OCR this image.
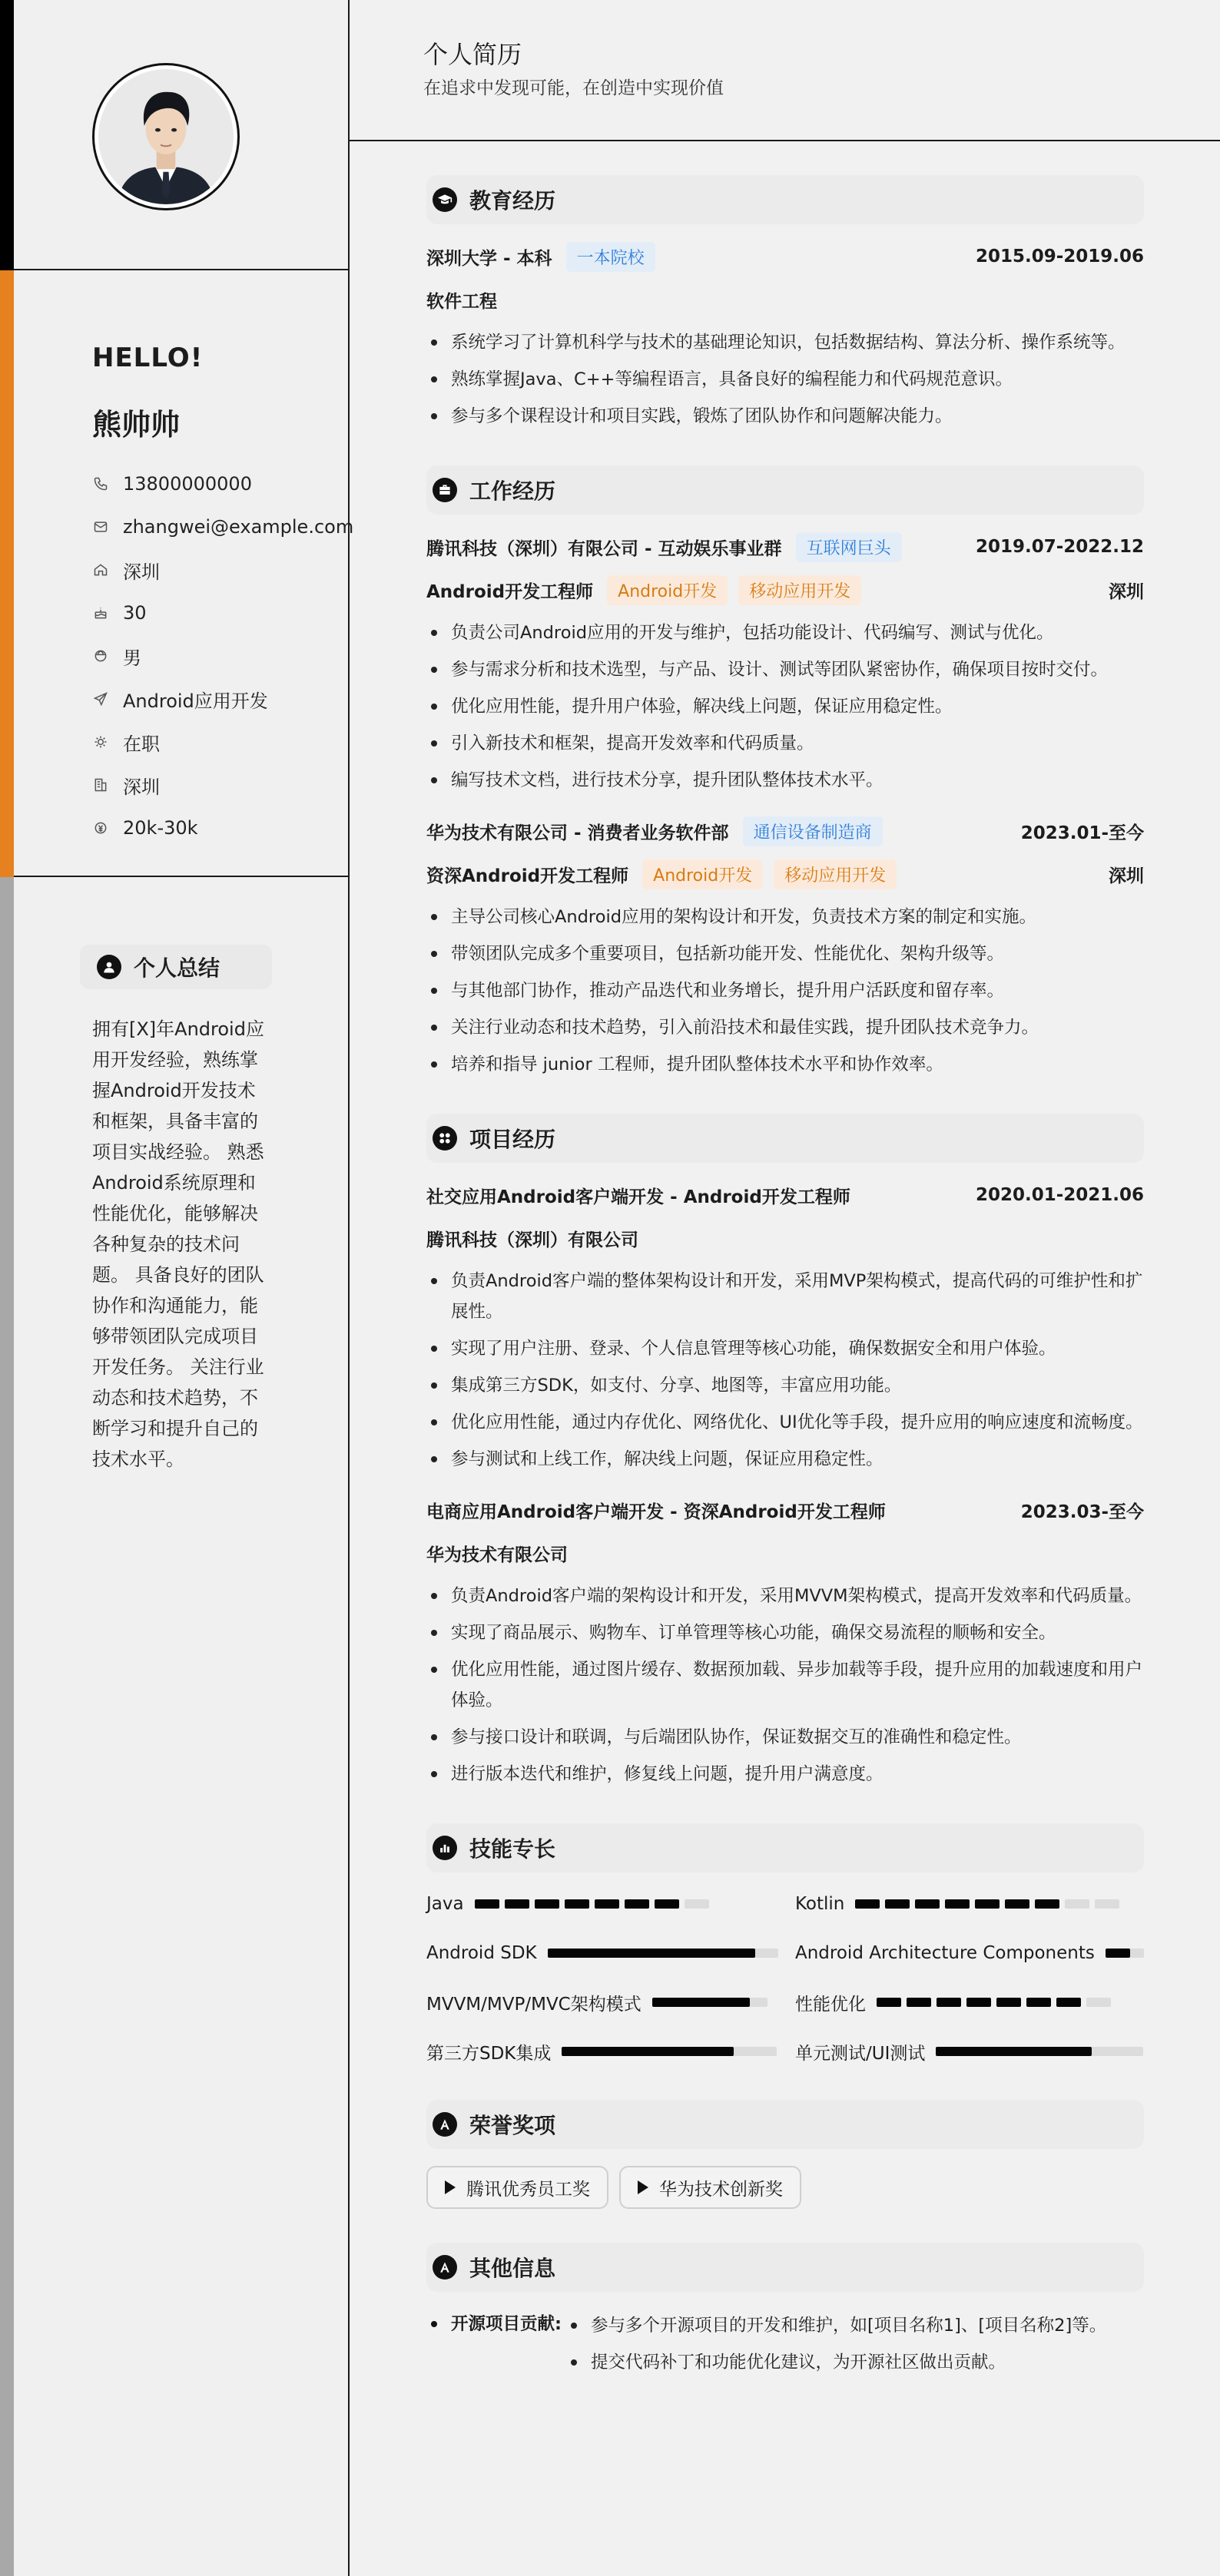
HELLO!
熊帅帅
13800000000
zhangwei@example.com
深圳
30
男
Android应用开发
在职
深圳
20k-30k
个人总结
拥有[X]年Android应用开发经验，熟练掌握Android开发技术和框架，具备丰富的项目实战经验。 熟悉Android系统原理和性能优化，能够解决各种复杂的技术问题。 具备良好的团队协作和沟通能力，能够带领团队完成项目开发任务。 关注行业动态和技术趋势，不断学习和提升自己的技术水平。
个人简历
在追求中发现可能，在创造中实现价值
教育经历
深圳大学 - 本科	一本院校	2015.09-2019.06
软件工程
系统学习了计算机科学与技术的基础理论知识，包括数据结构、算法分析、操作系统等。
熟练掌握Java、C++等编程语言，具备良好的编程能力和代码规范意识。
参与多个课程设计和项目实践，锻炼了团队协作和问题解决能力。
工作经历
腾讯科技（深圳）有限公司 - 互动娱乐事业群	互联网巨头	2019.07-2022.12
Android开发工程师	Android开发	移动应用开发	深圳
负责公司Android应用的开发与维护，包括功能设计、代码编写、测试与优化。
参与需求分析和技术选型，与产品、设计、测试等团队紧密协作，确保项目按时交付。
优化应用性能，提升用户体验，解决线上问题，保证应用稳定性。
引入新技术和框架，提高开发效率和代码质量。
编写技术文档，进行技术分享，提升团队整体技术水平。
华为技术有限公司 - 消费者业务软件部	通信设备制造商	2023.01-至今
资深Android开发工程师	Android开发	移动应用开发	深圳
主导公司核心Android应用的架构设计和开发，负责技术方案的制定和实施。
带领团队完成多个重要项目，包括新功能开发、性能优化、架构升级等。
与其他部门协作，推动产品迭代和业务增长，提升用户活跃度和留存率。
关注行业动态和技术趋势，引入前沿技术和最佳实践，提升团队技术竞争力。
培养和指导 junior 工程师，提升团队整体技术水平和协作效率。
项目经历
社交应用Android客户端开发 - Android开发工程师	2020.01-2021.06
腾讯科技（深圳）有限公司
负责Android客户端的整体架构设计和开发，采用MVP架构模式，提高代码的可维护性和扩展性。
实现了用户注册、登录、个人信息管理等核心功能，确保数据安全和用户体验。
集成第三方SDK，如支付、分享、地图等，丰富应用功能。
优化应用性能，通过内存优化、网络优化、UI优化等手段，提升应用的响应速度和流畅度。
参与测试和上线工作，解决线上问题，保证应用稳定性。
电商应用Android客户端开发 - 资深Android开发工程师	2023.03-至今
华为技术有限公司
负责Android客户端的架构设计和开发，采用MVVM架构模式，提高开发效率和代码质量。
实现了商品展示、购物车、订单管理等核心功能，确保交易流程的顺畅和安全。
优化应用性能，通过图片缓存、数据预加载、异步加载等手段，提升应用的加载速度和用户体验。
参与接口设计和联调，与后端团队协作，保证数据交互的准确性和稳定性。
进行版本迭代和维护，修复线上问题，提升用户满意度。
技能专长
Java	Kotlin
Android SDK	Android Architecture Components
MVVM/MVP/MVC架构模式	性能优化
第三方SDK集成	单元测试/UI测试
荣誉奖项
腾讯优秀员工奖	华为技术创新奖
其他信息
开源项目贡献:	参与多个开源项目的开发和维护，如[项目名称1]、[项目名称2]等。
提交代码补丁和功能优化建议，为开源社区做出贡献。
